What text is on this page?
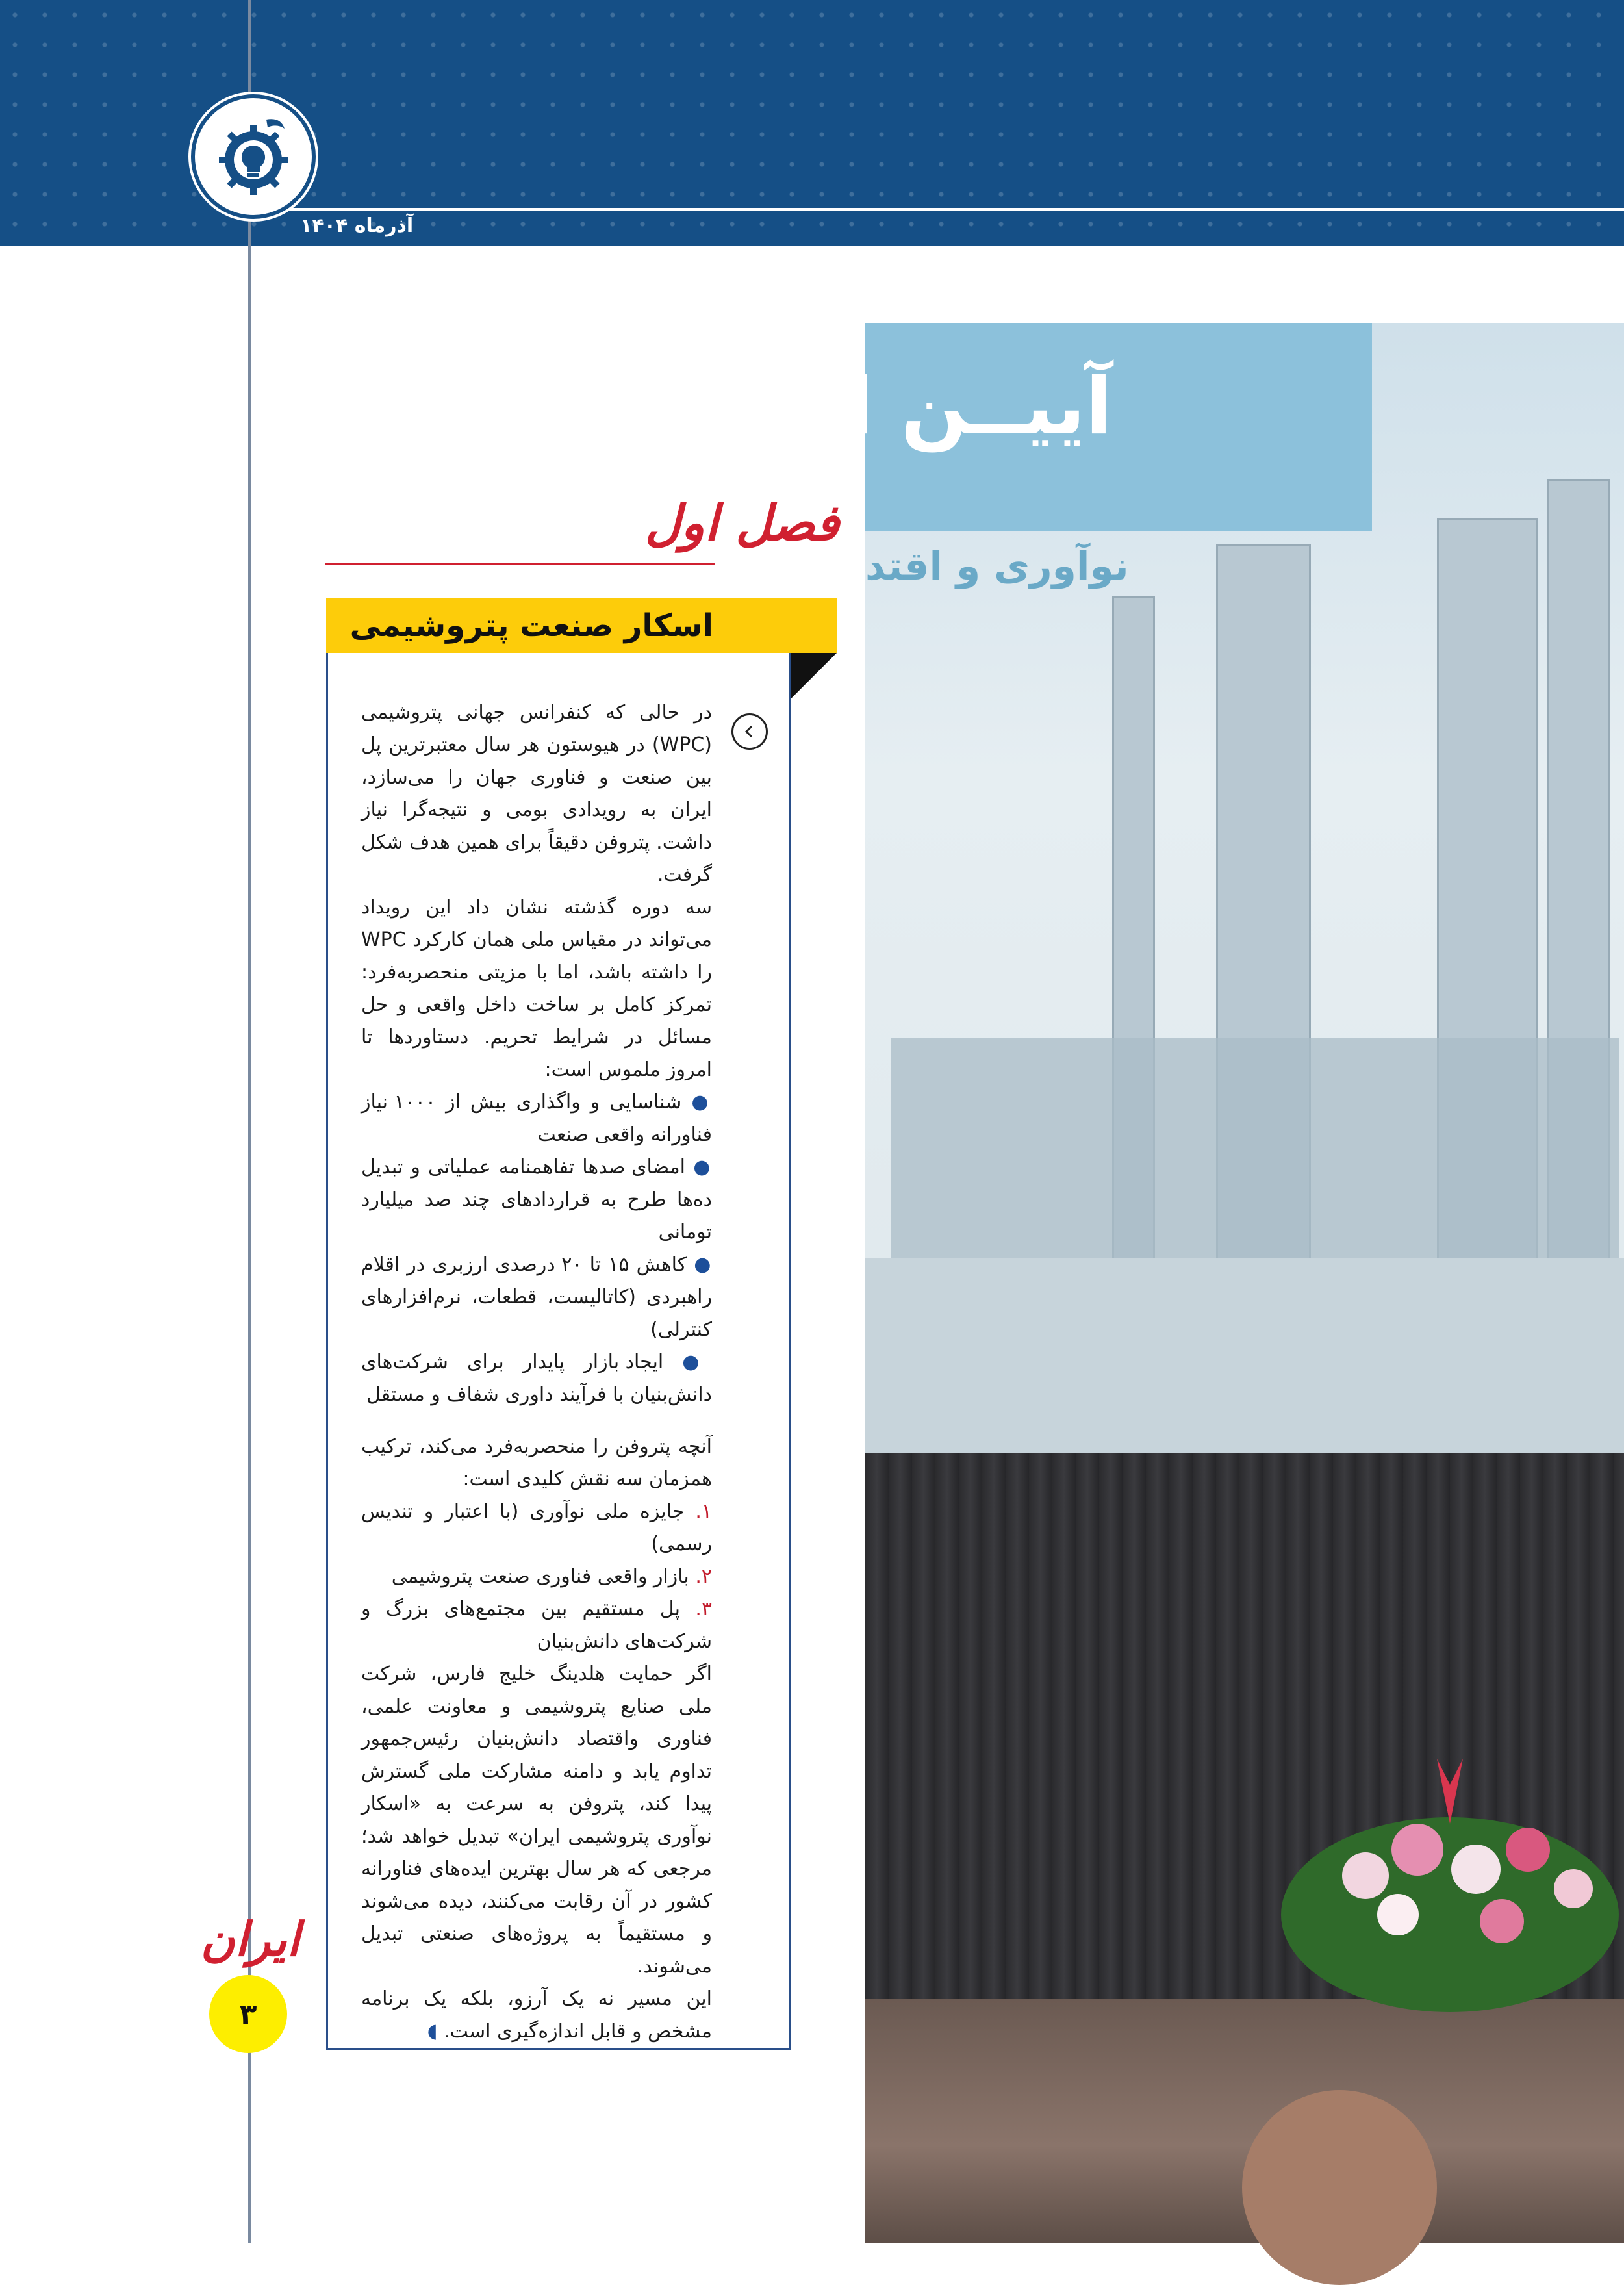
آذرماه ۱۴۰۴
آییــن افت
نوآوری و اقتد
فصل اول
اسکار صنعت پتروشیمی

در حالی که کنفرانس جهانی پتروشیمی (WPC) در هیوستون هر سال معتبرترین پل بین صنعت و فناوری جهان را می‌سازد، ایران به رویدادی بومی و نتیجه‌گرا نیاز داشت. پتروفن دقیقاً برای همین هدف شکل گرفت.

سه دوره گذشته نشان داد این رویداد می‌تواند در مقیاس ملی همان کارکرد WPC را داشته باشد، اما با مزیتی منحصربه‌فرد: تمرکز کامل بر ساخت داخل واقعی و حل مسائل در شرایط تحریم. دستاوردها تا امروز ملموس است:

● شناسایی و واگذاری بیش از ۱۰۰۰ نیاز فناورانه واقعی صنعت

● امضای صدها تفاهمنامه عملیاتی و تبدیل ده‌ها طرح به قراردادهای چند صد میلیارد تومانی

● کاهش ۱۵ تا ۲۰ درصدی ارزبری در اقلام راهبردی (کاتالیست، قطعات، نرم‌افزارهای کنترلی)

● ایجاد بازار پایدار برای شرکت‌های دانش‌بنیان با فرآیند داوری شفاف و مستقل

آنچه پتروفن را منحصربه‌فرد می‌کند، ترکیب همزمان سه نقش کلیدی است:

۱. جایزه ملی نوآوری (با اعتبار و تندیس رسمی)

۲. بازار واقعی فناوری صنعت پتروشیمی

۳. پل مستقیم بین مجتمع‌های بزرگ و شرکت‌های دانش‌بنیان

اگر حمایت هلدینگ خلیج فارس، شرکت ملی صنایع پتروشیمی و معاونت علمی، فناوری واقتصاد دانش‌بنیان رئیس‌جمهور تداوم یابد و دامنه مشارکت ملی گسترش پیدا کند، پتروفن به سرعت به «اسکار نوآوری پتروشیمی ایران» تبدیل خواهد شد؛ مرجعی که هر سال بهترین ایده‌های فناورانه کشور در آن رقابت می‌کنند، دیده می‌شوند و مستقیماً به پروژه‌های صنعتی تبدیل می‌شوند.

این مسیر نه یک آرزو، بلکه یک برنامه مشخص و قابل اندازه‌گیری است. ◖

ایران
۳
